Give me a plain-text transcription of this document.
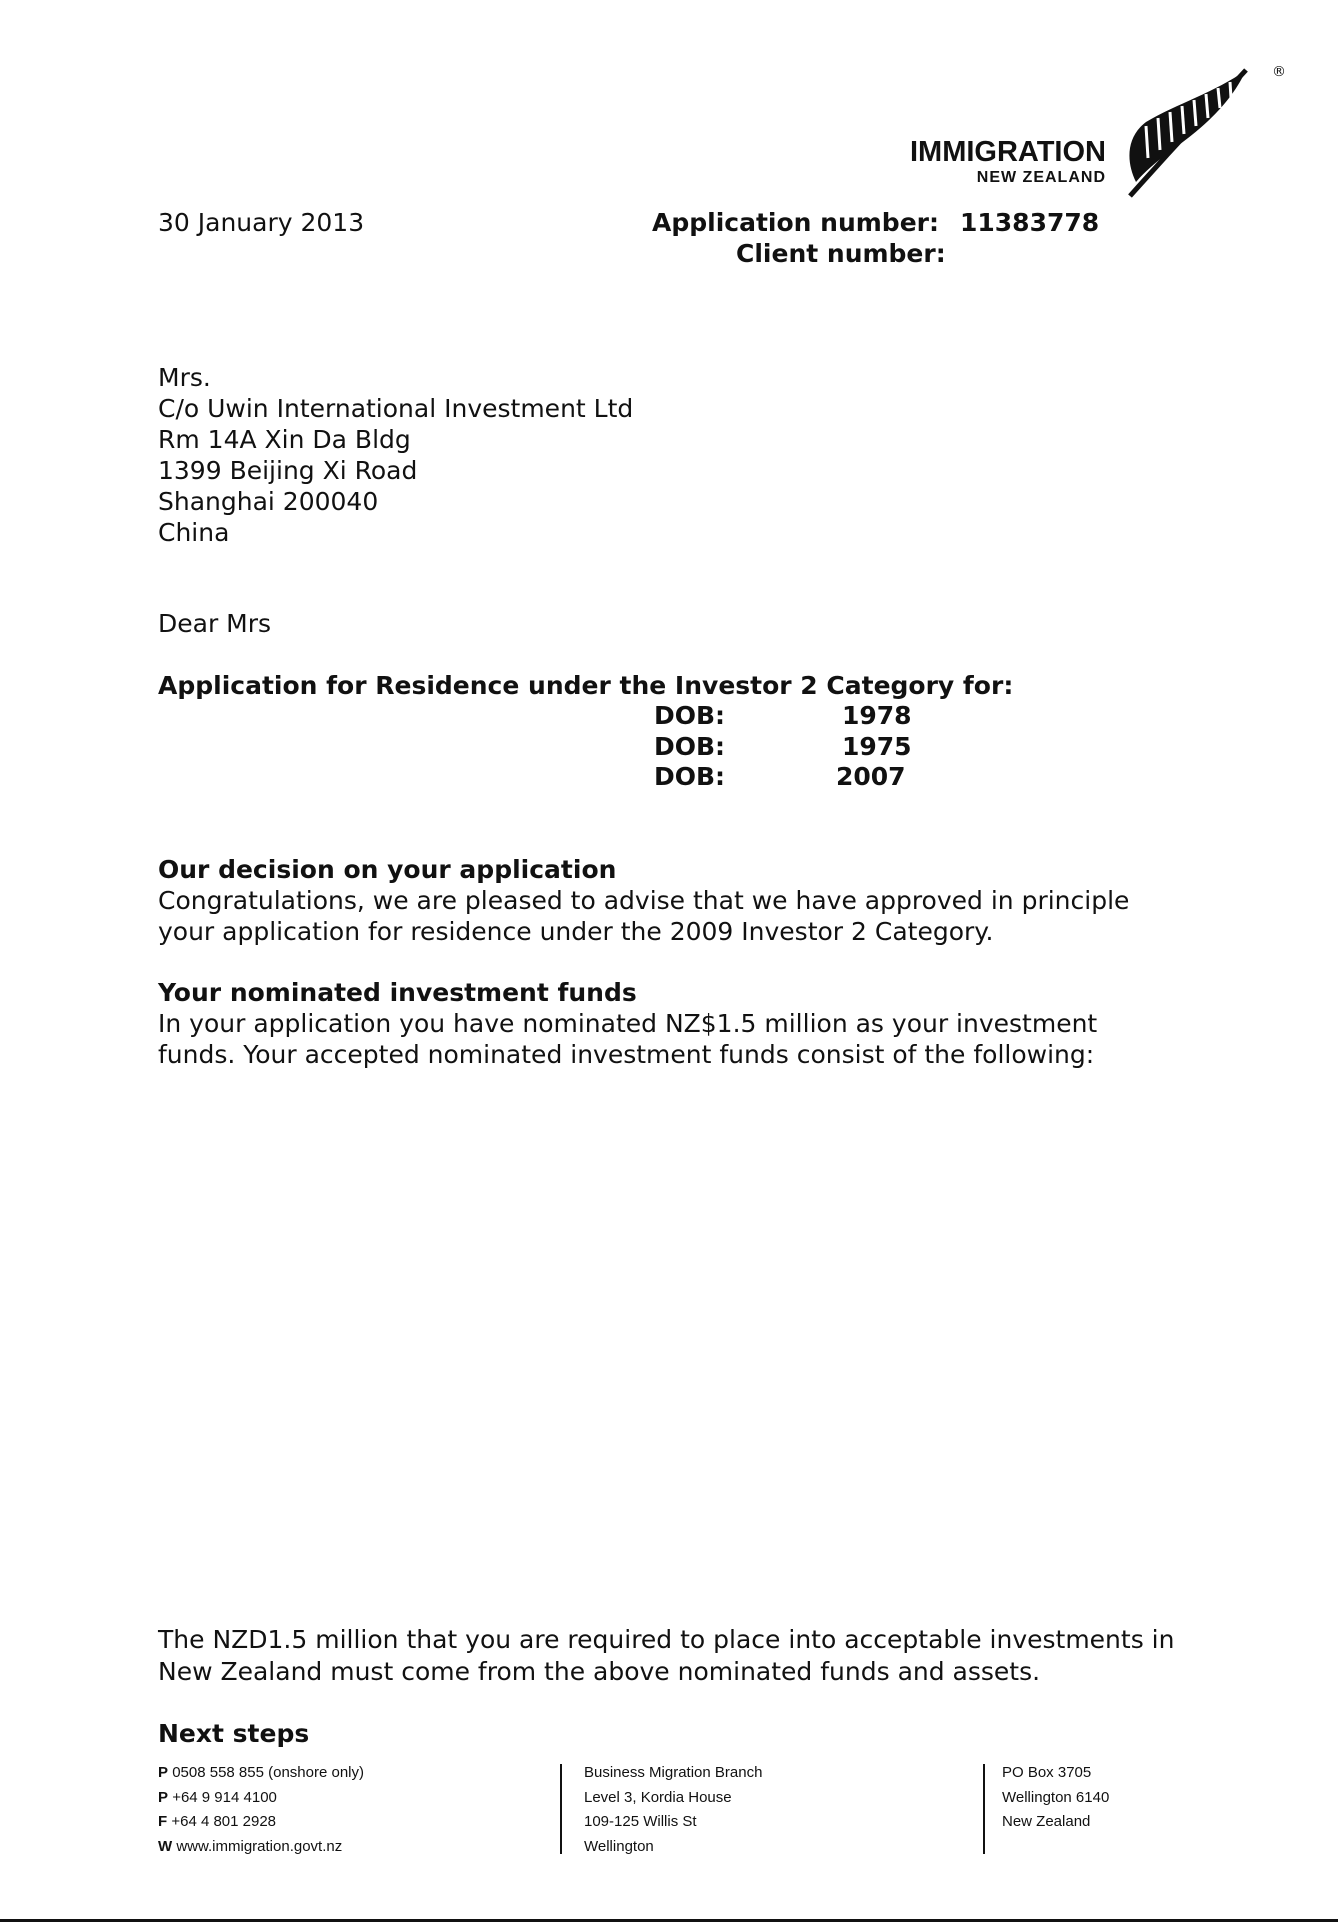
IMMIGRATION
NEW ZEALAND
®
30 January 2013	Application number: 11383778
Client number:
Mrs.
C/o Uwin International Investment Ltd
Rm 14A Xin Da Bldg
1399 Beijing Xi Road
Shanghai 200040
China
Dear Mrs
Application for Residence under the Investor 2 Category for:
DOB:	1978
DOB:	1975
DOB:	2007
Our decision on your application
Congratulations, we are pleased to advise that we have approved in principle
your application for residence under the 2009 Investor 2 Category.
Your nominated investment funds
In your application you have nominated NZ$1.5 million as your investment
funds. Your accepted nominated investment funds consist of the following:
The NZD1.5 million that you are required to place into acceptable investments in
New Zealand must come from the above nominated funds and assets.
Next steps
P 0508 558 855 (onshore only)
P +64 9 914 4100
F +64 4 801 2928
W www.immigration.govt.nz
Business Migration Branch
Level 3, Kordia House
109-125 Willis St
Wellington
PO Box 3705
Wellington 6140
New Zealand
